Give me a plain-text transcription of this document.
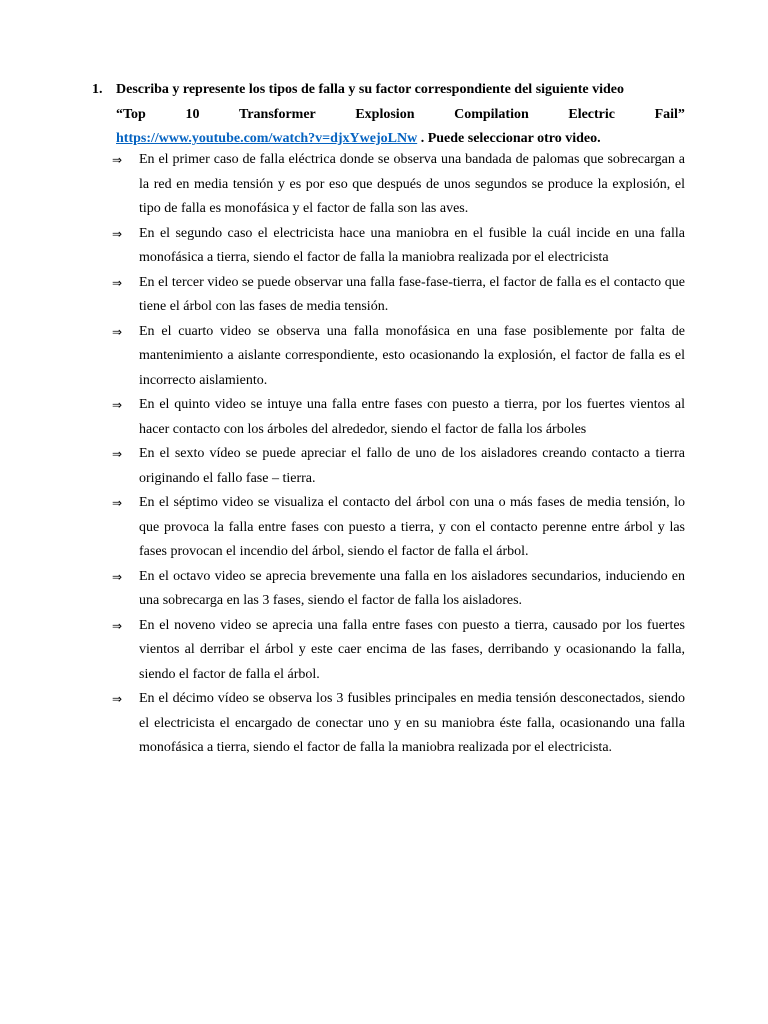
1. Describa y represente los tipos de falla y su factor correspondiente del siguiente video
“Top	10	Transformer	Explosion	Compilation	Electric	Fail”
https://www.youtube.com/watch?v=djxYwejoLNw . Puede seleccionar otro video.
⇒	En el primer caso de falla eléctrica donde se observa una bandada de palomas que sobrecargan a la red en media tensión y es por eso que después de unos segundos se produce la explosión, el tipo de falla es monofásica y el factor de falla son las aves.
⇒	En el segundo caso el electricista hace una maniobra en el fusible la cuál incide en una falla monofásica a tierra, siendo el factor de falla la maniobra realizada por el electricista
⇒	En el tercer video se puede observar una falla fase-fase-tierra, el factor de falla es el contacto que tiene el árbol con las fases de media tensión.
⇒	En el cuarto video se observa una falla monofásica en una fase posiblemente por falta de mantenimiento a aislante correspondiente, esto ocasionando la explosión, el factor de falla es el incorrecto aislamiento.
⇒	En el quinto video se intuye una falla entre fases con puesto a tierra, por los fuertes vientos al hacer contacto con los árboles del alrededor, siendo el factor de falla los árboles
⇒	En el sexto vídeo se puede apreciar el fallo de uno de los aisladores creando contacto a tierra originando el fallo fase – tierra.
⇒	En el séptimo video se visualiza el contacto del árbol con una o más fases de media tensión, lo que provoca la falla entre fases con puesto a tierra, y con el contacto perenne entre árbol y las fases provocan el incendio del árbol, siendo el factor de falla el árbol.
⇒	En el octavo video se aprecia brevemente una falla en los aisladores secundarios, induciendo en una sobrecarga en las 3 fases, siendo el factor de falla los aisladores.
⇒	En el noveno video se aprecia una falla entre fases con puesto a tierra, causado por los fuertes vientos al derribar el árbol y este caer encima de las fases, derribando y ocasionando la falla, siendo el factor de falla el árbol.
⇒	En el décimo vídeo se observa los 3 fusibles principales en media tensión desconectados, siendo el electricista el encargado de conectar uno y en su maniobra éste falla, ocasionando una falla monofásica a tierra, siendo el factor de falla la maniobra realizada por el electricista.
